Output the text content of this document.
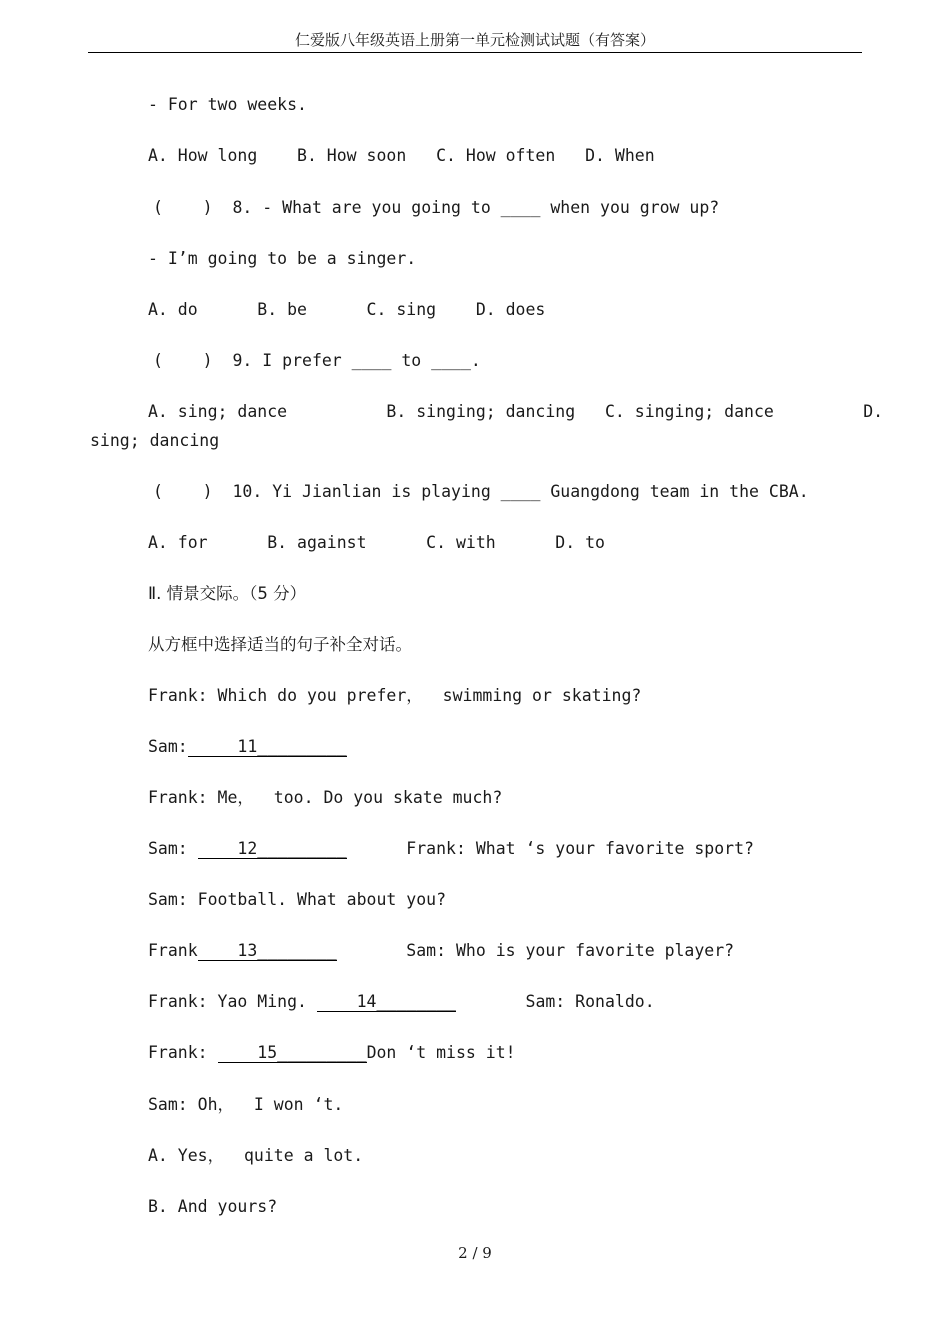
仁爱版八年级英语上册第一单元检测试试题（有答案）
- For two weeks.
A. How long    B. How soon   C. How often   D. When
(    )  8. - What are you going to ____ when you grow up?
- I’m going to be a singer.
A. do      B. be      C. sing    D. does
(    )  9. I prefer ____ to ____.
A. sing; dance          B. singing; dancing   C. singing; dance         D.
sing; dancing
(    )  10. Yi Jianlian is playing ____ Guangdong team in the CBA.
A. for      B. against      C. with      D. to
Ⅱ. 情景交际。（5 分）
从方框中选择适当的句子补全对话。
Frank: Which do you prefer，  swimming or skating?
Sam:     11_________
Frank: Me，  too. Do you skate much?
Sam:     12_________      Frank: What ‘s your favorite sport?
Sam: Football. What about you?
Frank    13________       Sam: Who is your favorite player?
Frank: Yao Ming.     14________       Sam: Ronaldo.
Frank:     15_________Don ‘t miss it!
Sam: Oh，  I won ‘t.
A. Yes，  quite a lot.
B. And yours?
2 / 9
